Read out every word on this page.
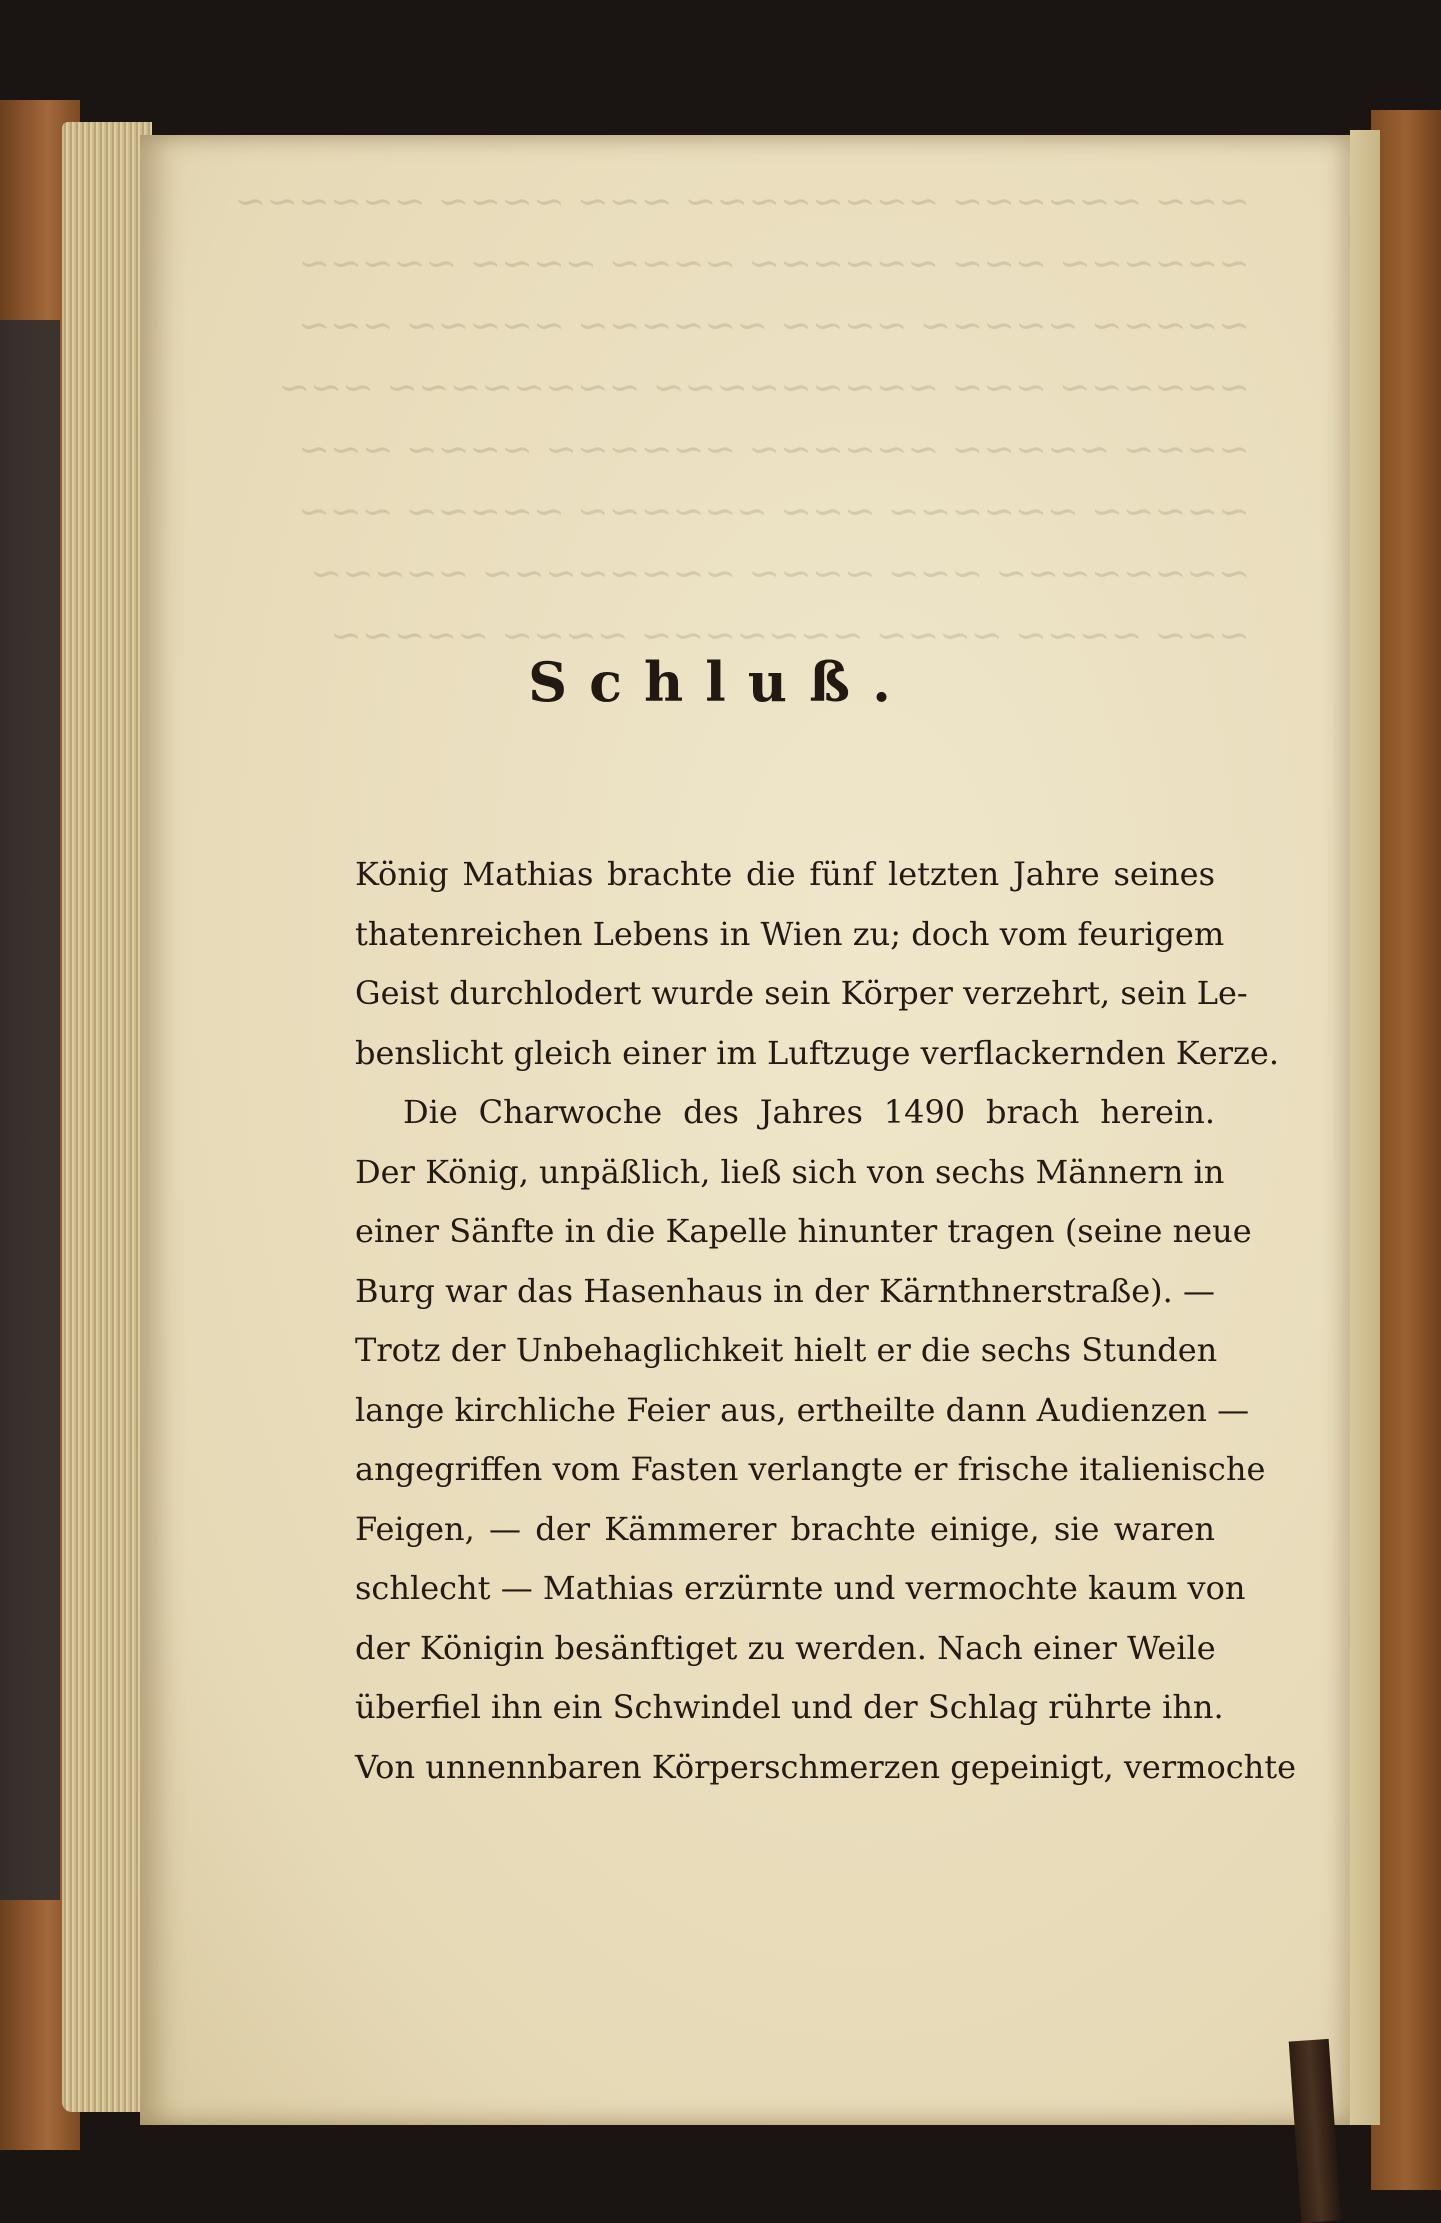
Schluß.
König Mathias brachte die fünf letzten Jahre seines
thatenreichen Lebens in Wien zu; doch vom feurigem
Geist durchlodert wurde sein Körper verzehrt, sein Le-
benslicht gleich einer im Luftzuge verflackernden Kerze.
Die Charwoche des Jahres 1490 brach herein.
Der König, unpäßlich, ließ sich von sechs Männern in
einer Sänfte in die Kapelle hinunter tragen (seine neue
Burg war das Hasenhaus in der Kärnthnerstraße). —
Trotz der Unbehaglichkeit hielt er die sechs Stunden
lange kirchliche Feier aus, ertheilte dann Audienzen —
angegriffen vom Fasten verlangte er frische italienische
Feigen, — der Kämmerer brachte einige, sie waren
schlecht — Mathias erzürnte und vermochte kaum von
der Königin besänftiget zu werden. Nach einer Weile
überfiel ihn ein Schwindel und der Schlag rührte ihn.
Von unnennbaren Körperschmerzen gepeinigt, vermochte
